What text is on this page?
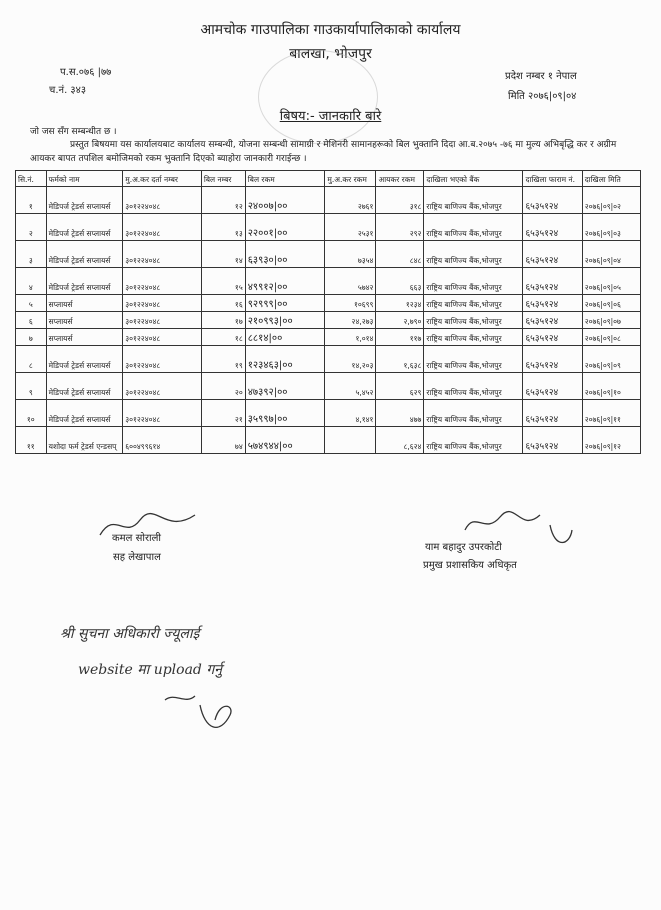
आमचोक गाउपालिका गाउकार्यापालिकाको कार्यालय
बालखा, भोजपुर
प.स.०७६ |७७
च.नं. ३४३
प्रदेश नम्बर १ नेपाल
मिति २०७६|०९|०४
बिषय:- जानकारि बारे
जो जस सँग सम्बन्धीत छ ।
प्रस्तुत बिषयमा यस कार्यालयबाट कार्यालय सम्बन्धी, योजना सम्बन्धी सामाग्री र मेशिनरी सामानहरूको बिल भुक्तानि दिदा आ.ब.२०७५ -७६ मा मुल्य अभिबृद्धि कर र अग्रीम आयकर बापत तपशिल बमोजिमको रकम भुक्तानि दिएको ब्याहोरा जानकारी गराईन्छ ।
सि.नं.	फर्मको नाम	मु.अ.कर दर्ता नम्बर	बिल नम्बर	बिल रकम	मु.अ.कर रकम	आयकर रकम	दाखिला भएको बैंक	दाखिला फाराम नं.	दाखिला मिति
१	मेडिपर्ज ट्रेडर्स सप्लायर्स	३०१२२४०४८	१२	२४००७|००	२७६१	३१८	राष्ट्रिय बाणिज्य बैंक,भोजपुर	६५३५१२४	२०७६|०९|०२
२	मेडिपर्ज ट्रेडर्स सप्लायर्स	३०१२२४०४८	१३	२२००१|००	२५३१	२९२	राष्ट्रिय बाणिज्य बैंक,भोजपुर	६५३५१२४	२०७६|०९|०३
३	मेडिपर्ज ट्रेडर्स सप्लायर्स	३०१२२४०४८	१४	६३९३०|००	७३५४	८४८	राष्ट्रिय बाणिज्य बैंक,भोजपुर	६५३५१२४	२०७६|०९|०४
४	मेडिपर्ज ट्रेडर्स सप्लायर्स	३०१२२४०४८	१५	४९९१२|००	५७४२	६६३	राष्ट्रिय बाणिज्य बैंक,भोजपुर	६५३५१२४	२०७६|०९|०५
५	सप्लायर्स	३०१२२४०४८	१६	९२९९९|००	१०६९९	१२३४	राष्ट्रिय बाणिज्य बैंक,भोजपुर	६५३५१२४	२०७६|०९|०६
६	सप्लायर्स	३०१२२४०४८	१७	२१०९९३|००	२४,२७३	२,७९०	राष्ट्रिय बाणिज्य बैंक,भोजपुर	६५३५१२४	२०७६|०९|०७
७	सप्लायर्स	३०१२२४०४८	१८	८८१४|००	१,०१४	११७	राष्ट्रिय बाणिज्य बैंक,भोजपुर	६५३५१२४	२०७६|०९|०८
८	मेडिपर्ज ट्रेडर्स सप्लायर्स	३०१२२४०४८	१९	१२३४६३|००	१४,२०३	१,६३८	राष्ट्रिय बाणिज्य बैंक,भोजपुर	६५३५१२४	२०७६|०९|०९
९	मेडिपर्ज ट्रेडर्स सप्लायर्स	३०१२२४०४८	२०	४७३९२|००	५,४५२	६२९	राष्ट्रिय बाणिज्य बैंक,भोजपुर	६५३५१२४	२०७६|०९|१०
१०	मेडिपर्ज ट्रेडर्स सप्लायर्स	३०१२२४०४८	२१	३५९९७|००	४,१४१	४७७	राष्ट्रिय बाणिज्य बैंक,भोजपुर	६५३५१२४	२०७६|०९|११
११	यशोदा फर्म ट्रेडर्स एन्डसप्	६००४९९६१४	७४	५७४९४४|००		८,६२४	राष्ट्रिय बाणिज्य बैंक,भोजपुर	६५३५१२४	२०७६|०९|१२
कमल सोराली
सह लेखापाल
याम बहादुर उपरकोटी
प्रमुख प्रशासकिय अधिकृत
श्री सुचना अधिकारी ज्यूलाई
website मा upload गर्नु
